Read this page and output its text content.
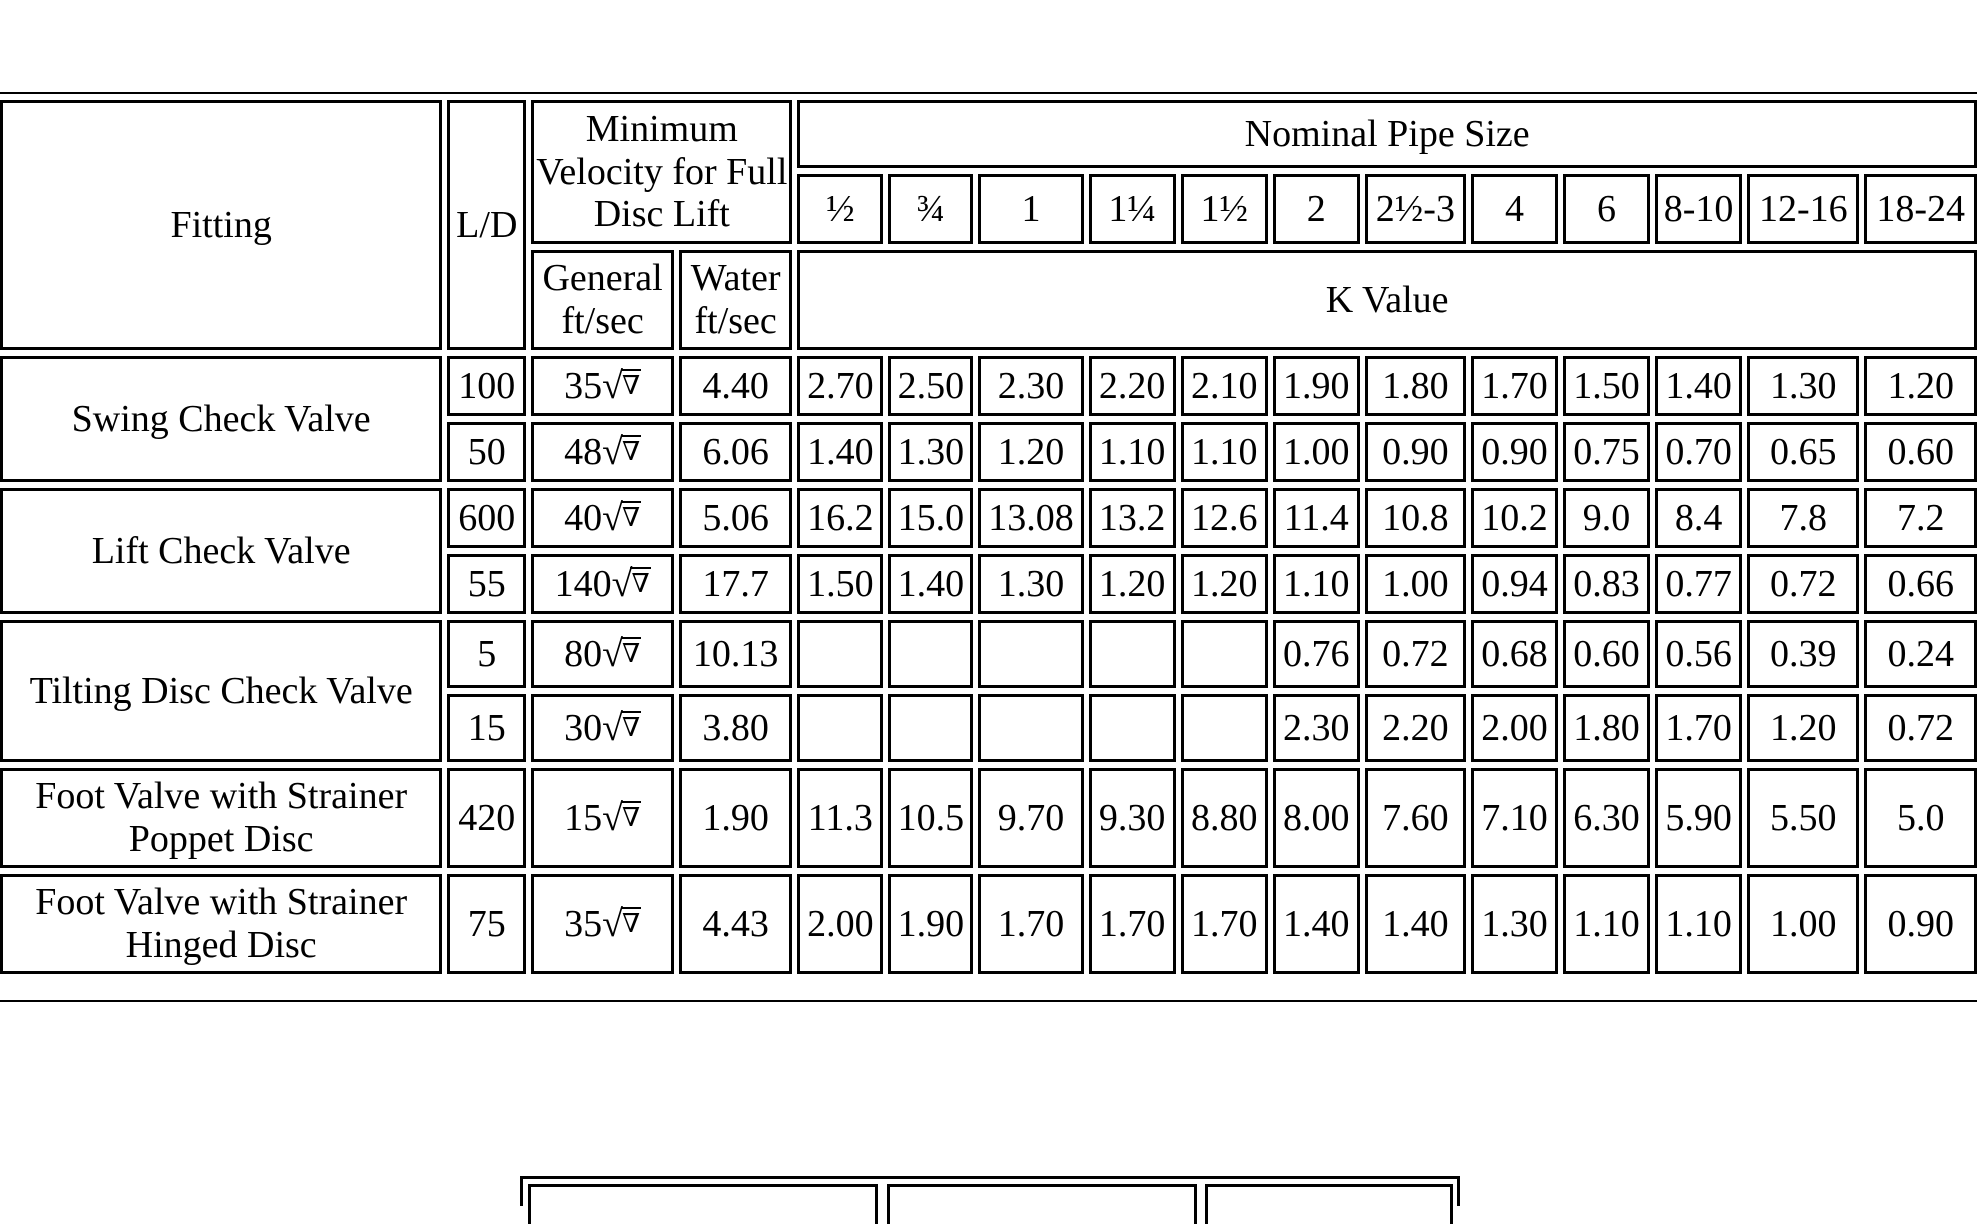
Fitting	L/D	Minimum Velocity for Full Disc Lift		Nominal Pipe Size											
				½	¾	1	1¼	1½	2	2½-3	4	6	8-10	12-16	18-24
		General ft/sec	Water ft/sec	K Value											
Swing Check Valve	100	35√∇	4.40	2.70	2.50	2.30	2.20	2.10	1.90	1.80	1.70	1.50	1.40	1.30	1.20
	50	48√∇	6.06	1.40	1.30	1.20	1.10	1.10	1.00	0.90	0.90	0.75	0.70	0.65	0.60
Lift Check Valve	600	40√∇	5.06	16.2	15.0	13.08	13.2	12.6	11.4	10.8	10.2	9.0	8.4	7.8	7.2
	55	140√∇	17.7	1.50	1.40	1.30	1.20	1.20	1.10	1.00	0.94	0.83	0.77	0.72	0.66
Tilting Disc Check Valve	5	80√∇	10.13						0.76	0.72	0.68	0.60	0.56	0.39	0.24
	15	30√∇	3.80						2.30	2.20	2.00	1.80	1.70	1.20	0.72
Foot Valve with Strainer Poppet Disc	420	15√∇	1.90	11.3	10.5	9.70	9.30	8.80	8.00	7.60	7.10	6.30	5.90	5.50	5.0
Foot Valve with Strainer Hinged Disc	75	35√∇	4.43	2.00	1.90	1.70	1.70	1.70	1.40	1.40	1.30	1.10	1.10	1.00	0.90
